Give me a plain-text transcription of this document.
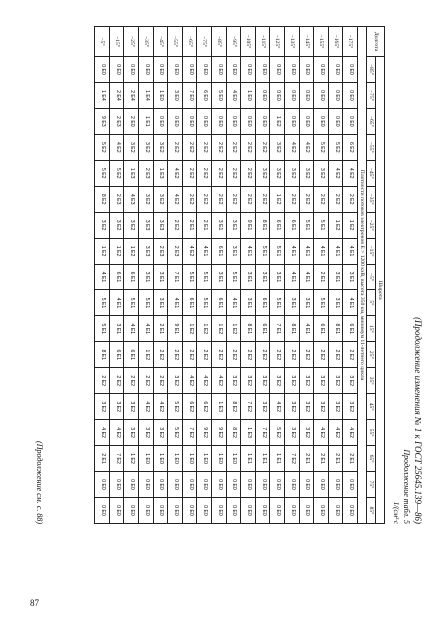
(Продолжение изменения № 1 к ГОСТ 25645.139—86)
Продолжение табл. 5
1/(см²·с
Долгота	Широта																	
	−85°	−75°	−65°	−55°	−45°	−35°	−25°	−15°	−5°	5°	15°	25°	35°	45°	55°	65°	75°	85°
Плотности потоков электронов Е > 1200 кэВ, высота 350 км, минимум 11-летнего цикла																		
−175°	0 E0	0 E0	0 E0	6 E2	4 E2	2 E2	1 E2	4 E1	3 E1	4 E1	6 E1	2 E2	3 E2	3 E2	4 E2	2 E1	0 E0	0 E0
−165°	0 E0	0 E0	0 E0	5 E2	4 E2	2 E2	1 E2	4 E1	3 E1	3 E1	8 E1	2 E2	3 E2	3 E2	4 E2	2 E1	0 E0	0 E0
−155°	0 E0	0 E0	0 E0	5 E2	3 E2	2 E2	5 E1	4 E1	2 E1	5 E1	6 E1	2 E2	3 E2	3 E2	4 E2	2 E1	0 E0	0 E0
−145°	0 E0	0 E0	0 E0	4 E2	3 E2	2 E2	5 E1	4 E1	4 E1	3 E1	4 E1	2 E2	3 E2	3 E2	3 E2	2 E1	0 E0	0 E0
−135°	0 E0	0 E0	0 E0	4 E2	3 E2	2 E2	6 E1	4 E1	4 E1	3 E1	8 E1	2 E2	3 E2	3 E2	3 E2	7 E2	0 E0	0 E0
−125°	0 E0	0 E0	1 E2	3 E2	3 E2	1 E2	6 E1	5 E1	3 E1	5 E1	7 E1	2 E2	3 E2	4 E2	5 E2	1 E1	0 E0	0 E0
−115°	0 E0	0 E0	0 E0	2 E2	3 E2	2 E2	8 E1	5 E1	3 E1	6 E1	6 E1	2 E2	3 E2	3 E2	7 E2	1 E1	0 E0	0 E0
−105°	0 E0	1 E0	0 E0	2 E2	2 E2	2 E2	9 E1	4 E1	3 E1	3 E1	8 E1	2 E2	3 E2	7 E2	1 E3	1 E1	0 E0	0 E0
−95°	0 E0	4 E0	0 E0	2 E2	2 E2	2 E2	3 E1	3 E1	5 E1	4 E1	1 E2	2 E2	3 E2	8 E2	8 E2	1 E0	0 E0	0 E0
−85°	0 E0	5 E0	0 E0	2 E2	2 E2	2 E2	3 E1	6 E1	3 E1	6 E1	1 E2	2 E2	4 E2	1 E3	9 E2	1 E0	0 E0	0 E0
−75°	0 E0	6 E0	0 E0	2 E2	2 E2	2 E2	2 E1	4 E1	5 E1	5 E1	1 E2	2 E2	4 E2	6 E2	9 E2	1 E0	0 E0	0 E0
−65°	0 E0	7 E0	0 E0	2 E2	2 E2	2 E2	2 E1	4 E2	5 E1	6 E1	1 E2	2 E2	4 E2	6 E2	7 E2	1 E0	0 E0	0 E0
−55°	0 E0	3 E0	0 E0	2 E2	4 E2	4 E2	2 E2	2 E3	7 E1	4 E1	9 E1	2 E2	3 E2	5 E2	5 E2	1 E0	0 E0	0 E0
−45°	0 E0	1 E0	0 E0	3 E2	1 E3	3 E2	3 E3	2 E3	3 E1	3 E1	2 E1	2 E2	2 E2	4 E2	3 E2	1 E0	0 E0	0 E0
−35°	0 E0	1 E4	1 E1	3 E2	2 E3	3 E2	3 E3	3 E3	3 E1	5 E1	4 E1	1 E2	2 E2	4 E2	3 E2	1 E0	0 E0	0 E0
−25°	0 E0	2 E4	2 E0	3 E2	1 E3	4 E3	3 E2	1 E2	6 E1	5 E1	4 E1	6 E1	2 E2	3 E2	3 E2	1 E2	0 E0	0 E0
−15°	0 E0	2 E4	2 E3	4 E2	5 E2	2 E3	3 E2	1 E2	6 E1	4 E1	3 E1	6 E1	2 E2	3 E2	4 E2	7 E2	0 E0	0 E0
−5°	0 E0	1 E4	9 E3	5 E2	5 E2	8 E2	3 E2	1 E2	4 E1	5 E1	5 E1	8 E1	2 E2	3 E2	4 E2	2 E1	0 E0	0 E0
(Продолжение см. с. 88)
87
